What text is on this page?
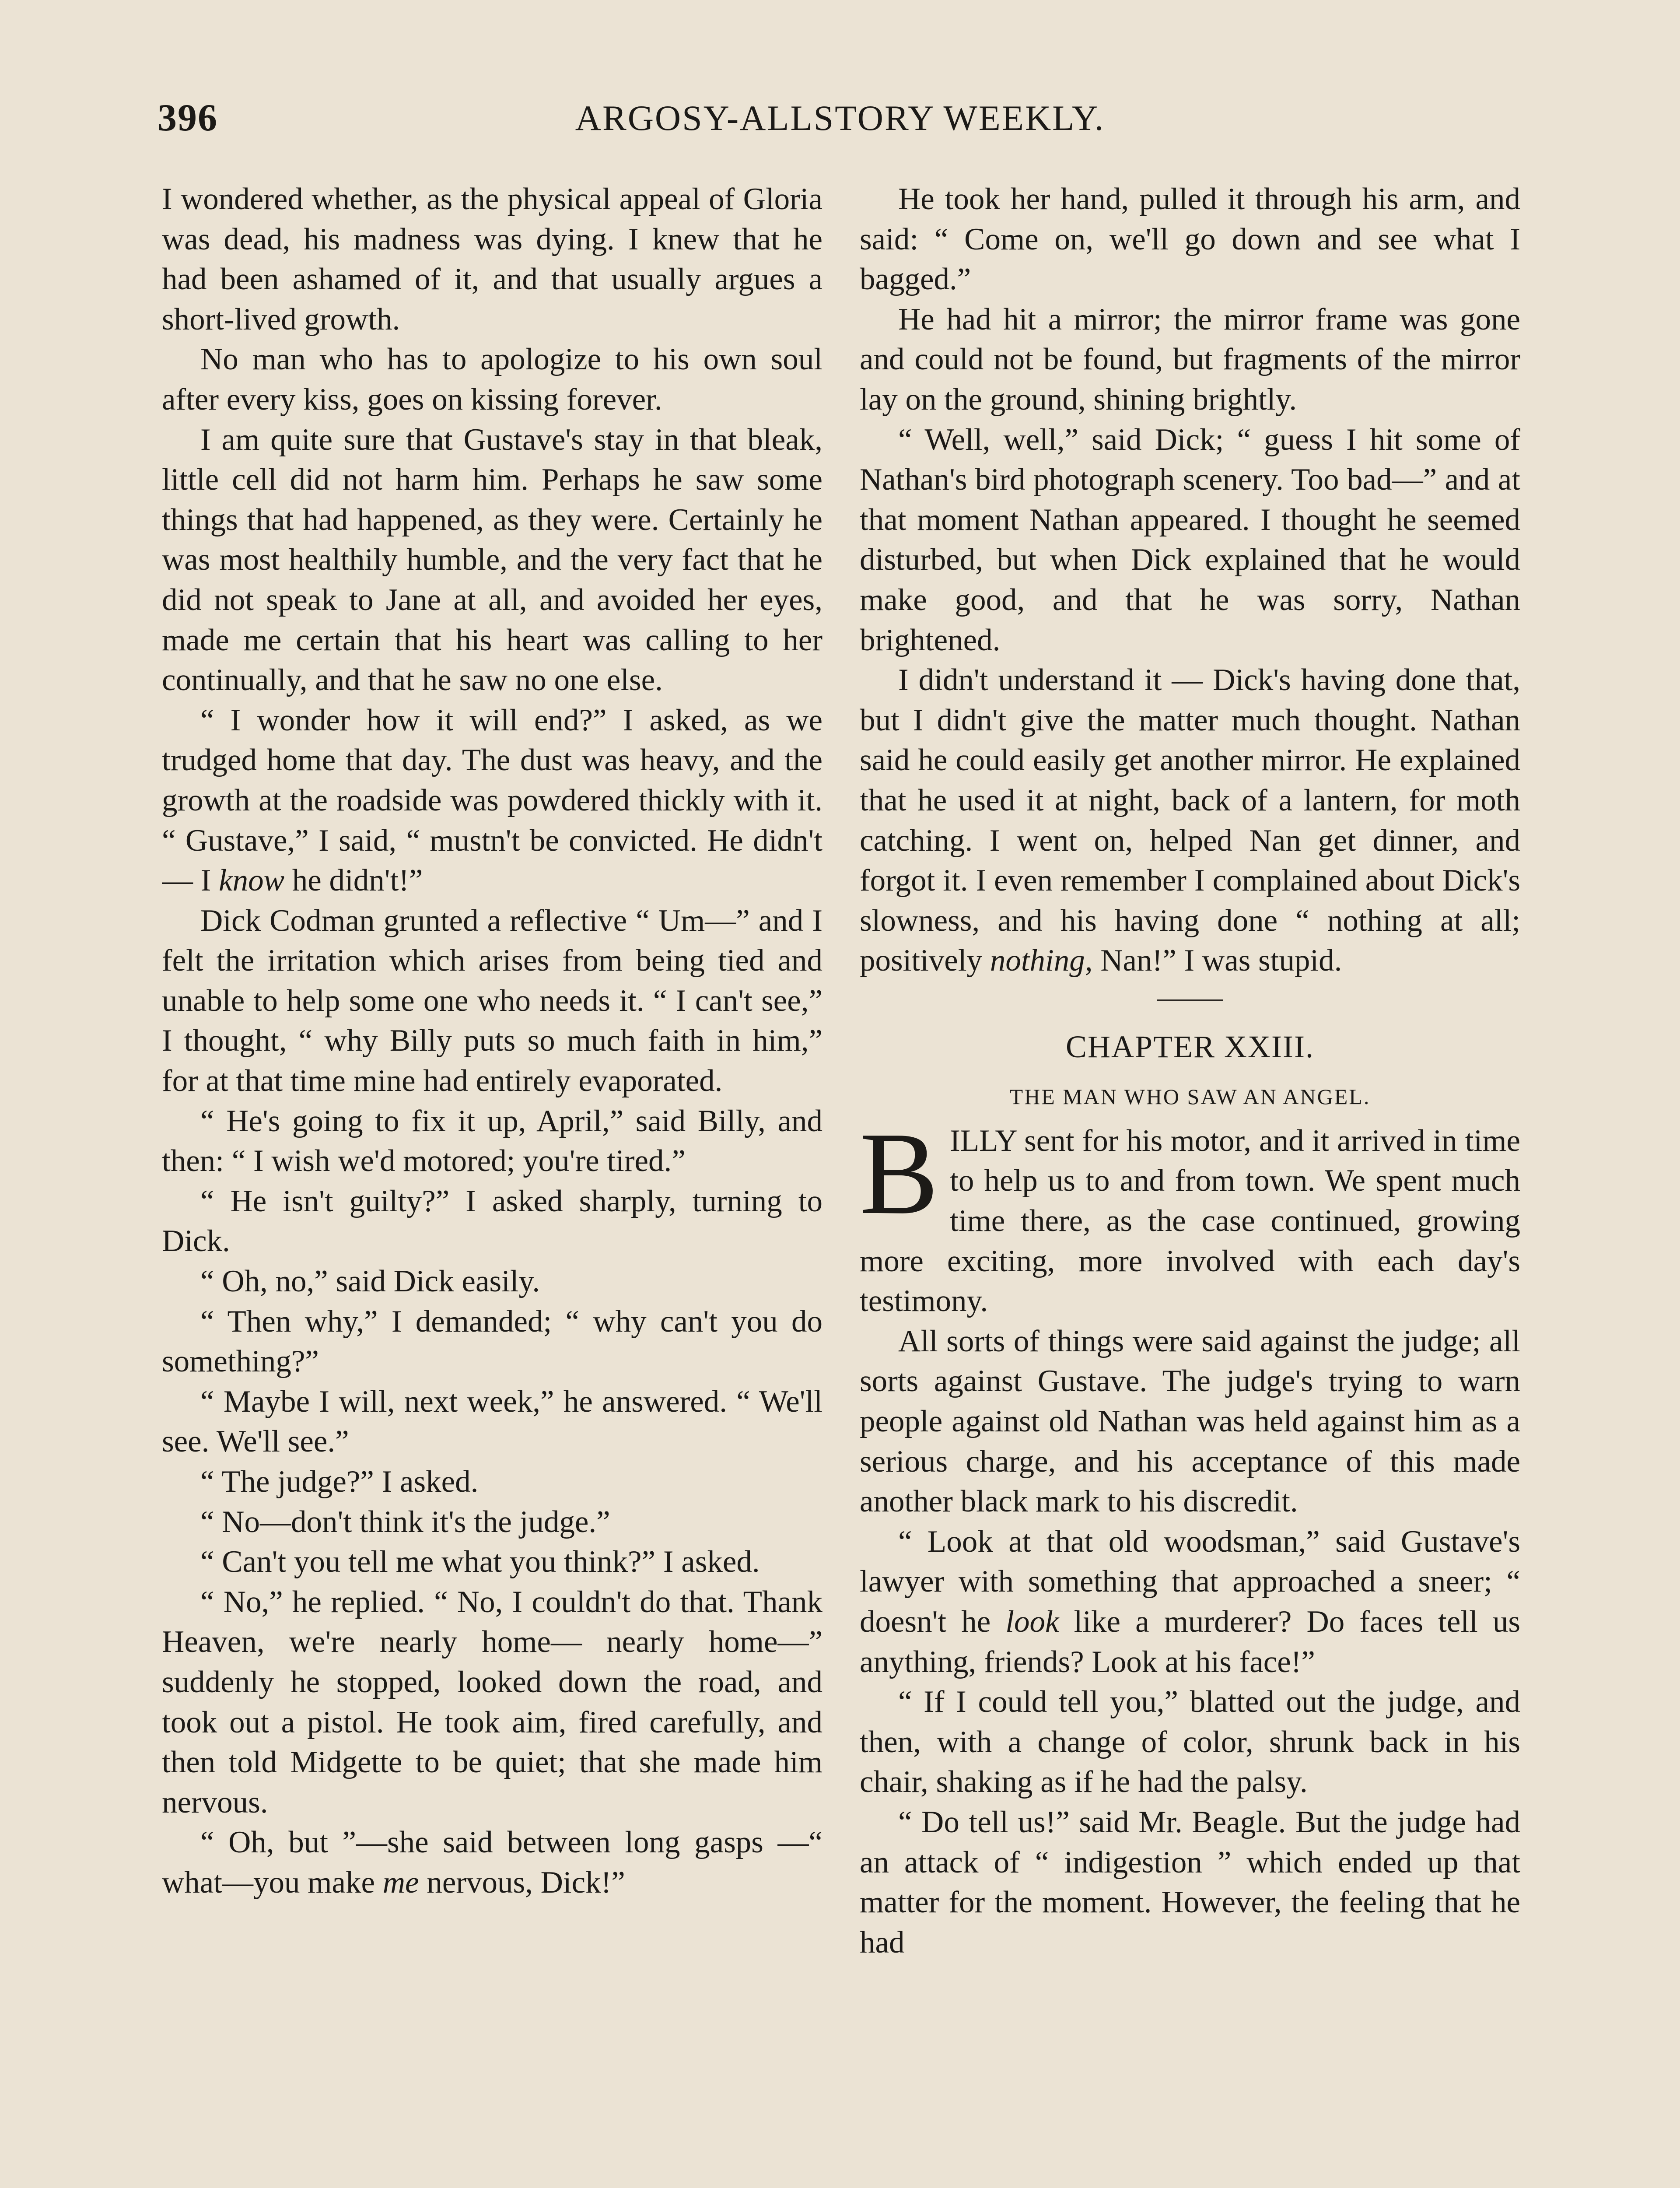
396	ARGOSY-ALLSTORY WEEKLY.

I wondered whether, as the physical appeal of Gloria was dead, his madness was dying. I knew that he had been ashamed of it, and that usually argues a short-lived growth.

No man who has to apologize to his own soul after every kiss, goes on kissing forever.

I am quite sure that Gustave's stay in that bleak, little cell did not harm him. Perhaps he saw some things that had happened, as they were. Certainly he was most healthily humble, and the very fact that he did not speak to Jane at all, and avoided her eyes, made me certain that his heart was calling to her continually, and that he saw no one else.

“ I wonder how it will end?” I asked, as we trudged home that day. The dust was heavy, and the growth at the roadside was powdered thickly with it. “ Gustave,” I said, “ mustn't be convicted. He didn't— I know he didn't!”

Dick Codman grunted a reflective “ Um—” and I felt the irritation which arises from being tied and unable to help some one who needs it. “ I can't see,” I thought, “ why Billy puts so much faith in him,” for at that time mine had entirely evaporated.

“ He's going to fix it up, April,” said Billy, and then: “ I wish we'd motored; you're tired.”

“ He isn't guilty?” I asked sharply, turning to Dick.

“ Oh, no,” said Dick easily.

“ Then why,” I demanded; “ why can't you do something?”

“ Maybe I will, next week,” he answered. “ We'll see. We'll see.”

“ The judge?” I asked.

“ No—don't think it's the judge.”

“ Can't you tell me what you think?” I asked.

“ No,” he replied. “ No, I couldn't do that. Thank Heaven, we're nearly home— nearly home—” suddenly he stopped, looked down the road, and took out a pistol. He took aim, fired carefully, and then told Midgette to be quiet; that she made him nervous.

“ Oh, but ”—she said between long gasps —“ what—you make me nervous, Dick!”

He took her hand, pulled it through his arm, and said: “ Come on, we'll go down and see what I bagged.”

He had hit a mirror; the mirror frame was gone and could not be found, but fragments of the mirror lay on the ground, shining brightly.

“ Well, well,” said Dick; “ guess I hit some of Nathan's bird photograph scenery. Too bad—” and at that moment Nathan appeared. I thought he seemed disturbed, but when Dick explained that he would make good, and that he was sorry, Nathan brightened.

I didn't understand it — Dick's having done that, but I didn't give the matter much thought. Nathan said he could easily get another mirror. He explained that he used it at night, back of a lantern, for moth catching. I went on, helped Nan get dinner, and forgot it. I even remember I complained about Dick's slowness, and his having done “ nothing at all; positively nothing, Nan!” I was stupid.

CHAPTER XXIII.
THE MAN WHO SAW AN ANGEL.

BILLY sent for his motor, and it arrived in time to help us to and from town. We spent much time there, as the case continued, growing more exciting, more involved with each day's testimony.

All sorts of things were said against the judge; all sorts against Gustave. The judge's trying to warn people against old Nathan was held against him as a serious charge, and his acceptance of this made another black mark to his discredit.

“ Look at that old woodsman,” said Gustave's lawyer with something that approached a sneer; “ doesn't he look like a murderer? Do faces tell us anything, friends? Look at his face!”

“ If I could tell you,” blatted out the judge, and then, with a change of color, shrunk back in his chair, shaking as if he had the palsy.

“ Do tell us!” said Mr. Beagle. But the judge had an attack of “ indigestion ” which ended up that matter for the moment. However, the feeling that he had
